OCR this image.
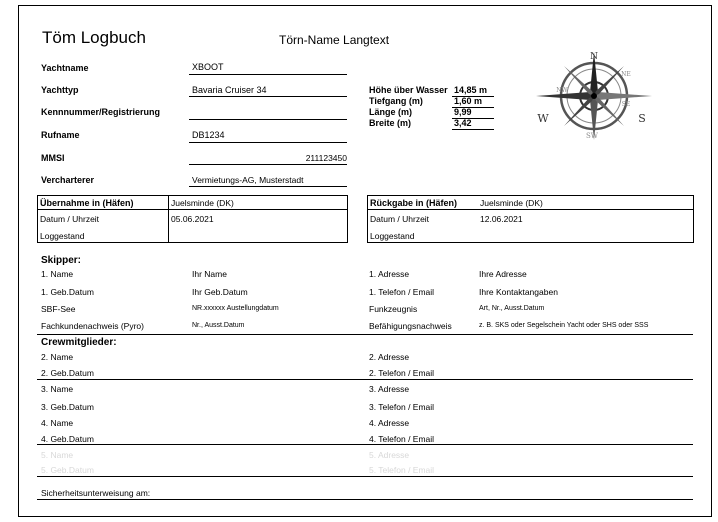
Töm Logbuch	Törn-Name Langtext
Yachtname	XBOOT
Yachttyp	Bavaria Cruiser 34
Kennnummer/Registrierung
Rufname	DB1234
MMSI	211123450
Vercharterer	Vermietungs-AG, Musterstadt
Höhe über Wasser 14,85 m
Tiefgang (m)	1,60 m
Länge (m)	9,99
Breite (m)	3,42
N
W	S
NE
NW
SW
SE
Übernahme in (Häfen)	Juelsminde (DK)
Datum / Uhrzeit	05.06.2021
Loggestand
Rückgabe in (Häfen)	Juelsminde (DK)
Datum / Uhrzeit	12.06.2021
Loggestand
Skipper:
1. Name	Ihr Name	1. Adresse	Ihre Adresse
1. Geb.Datum	Ihr Geb.Datum	1. Telefon / Email	Ihre Kontaktangaben
SBF-See	NR.xxxxxx Austellungdatum	Funkzeugnis	Art, Nr., Ausst.Datum
Fachkundenachweis (Pyro)	Nr., Ausst.Datum	Befähigungsnachweis	z. B. SKS oder Segelschein Yacht oder SHS oder SSS
Crewmitglieder:
2. Name	2. Adresse
2. Geb.Datum	2. Telefon / Email
3. Name	3. Adresse
3. Geb.Datum	3. Telefon / Email
4. Name	4. Adresse
4. Geb.Datum	4. Telefon / Email
5. Name	5. Adresse
5. Geb.Datum	5. Telefon / Email
Sicherheitsunterweisung am:
